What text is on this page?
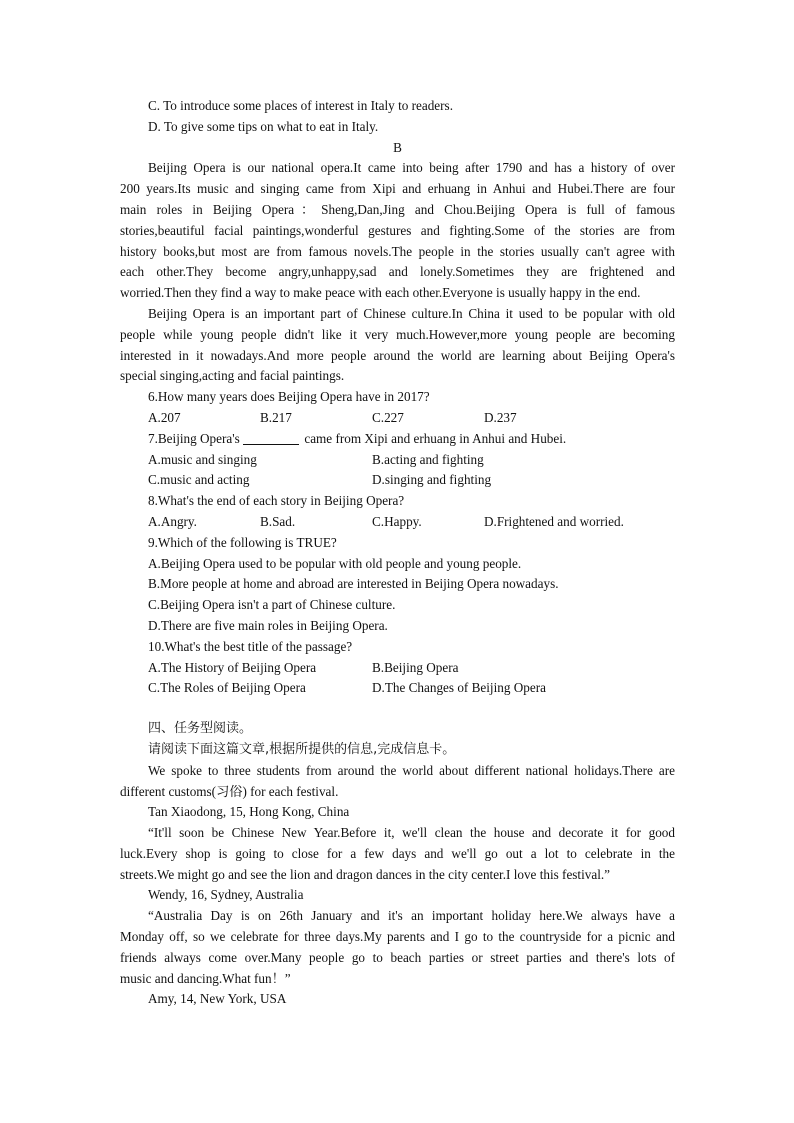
C. To introduce some places of interest in Italy to readers.
D. To give some tips on what to eat in Italy.
B
Beijing Opera is our national opera.It came into being after 1790 and has a history of over
200 years.Its music and singing came from Xipi and erhuang in Anhui and Hubei.There are four
main roles in Beijing Opera：Sheng,Dan,Jing and Chou.Beijing Opera is full of famous
stories,beautiful facial paintings,wonderful gestures and fighting.Some of the stories are from
history books,but most are from famous novels.The people in the stories usually can't agree with
each other.They become angry,unhappy,sad and lonely.Sometimes they are frightened and
worried.Then they find a way to make peace with each other.Everyone is usually happy in the end.
Beijing Opera is an important part of Chinese culture.In China it used to be popular with old
people while young people didn't like it very much.However,more young people are becoming
interested in it nowadays.And more people around the world are learning about Beijing Opera's
special singing,acting and facial paintings.
6.How many years does Beijing Opera have in 2017?
A.207	B.217	C.227	D.237
7.Beijing Opera's	came from Xipi and erhuang in Anhui and Hubei.
A.music and singing	B.acting and fighting
C.music and acting	D.singing and fighting
8.What's the end of each story in Beijing Opera?
A.Angry.	B.Sad.	C.Happy.	D.Frightened and worried.
9.Which of the following is TRUE?
A.Beijing Opera used to be popular with old people and young people.
B.More people at home and abroad are interested in Beijing Opera nowadays.
C.Beijing Opera isn't a part of Chinese culture.
D.There are five main roles in Beijing Opera.
10.What's the best title of the passage?
A.The History of Beijing Opera	B.Beijing Opera
C.The Roles of Beijing Opera	D.The Changes of Beijing Opera
四、任务型阅读。
请阅读下面这篇文章,根据所提供的信息,完成信息卡。
We spoke to three students from around the world about different national holidays.There are
different customs(习俗) for each festival.
Tan Xiaodong, 15, Hong Kong, China
“It'll soon be Chinese New Year.Before it, we'll clean the house and decorate it for good
luck.Every shop is going to close for a few days and we'll go out a lot to celebrate in the
streets.We might go and see the lion and dragon dances in the city center.I love this festival.”
Wendy, 16, Sydney, Australia
“Australia Day is on 26th January and it's an important holiday here.We always have a
Monday off, so we celebrate for three days.My parents and I go to the countryside for a picnic and
friends always come over.Many people go to beach parties or street parties and there's lots of
music and dancing.What fun！”
Amy, 14, New York, USA
